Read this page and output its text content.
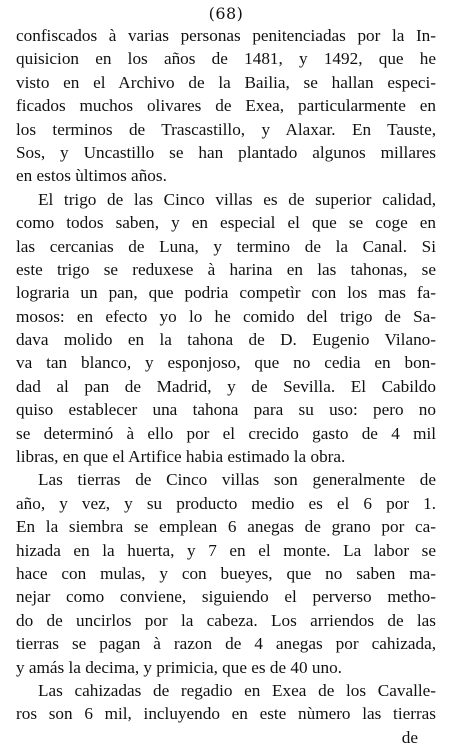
(68)
confiscados à varias personas penitenciadas por la In-
quisicion en los años de 1481, y 1492, que he
visto en el Archivo de la Bailia, se hallan especi-
ficados muchos olivares de Exea, particularmente en
los terminos de Trascastillo, y Alaxar. En Tauste,
Sos, y Uncastillo se han plantado algunos millares
en estos ùltimos años.
El trigo de las Cinco villas es de superior calidad,
como todos saben, y en especial el que se coge en
las cercanias de Luna, y termino de la Canal. Si
este trigo se reduxese à harina en las tahonas, se
lograria un pan, que podria competìr con los mas fa-
mosos: en efecto yo lo he comido del trigo de Sa-
dava molido en la tahona de D. Eugenio Vilano-
va tan blanco, y esponjoso, que no cedia en bon-
dad al pan de Madrid, y de Sevilla. El Cabildo
quiso establecer una tahona para su uso: pero no
se determinó à ello por el crecido gasto de 4 mil
libras, en que el Artifice habia estimado la obra.
Las tierras de Cinco villas son generalmente de
año, y vez, y su producto medio es el 6 por 1.
En la siembra se emplean 6 anegas de grano por ca-
hizada en la huerta, y 7 en el monte. La labor se
hace con mulas, y con bueyes, que no saben ma-
nejar como conviene, siguiendo el perverso metho-
do de uncirlos por la cabeza. Los arriendos de las
tierras se pagan à razon de 4 anegas por cahizada,
y amás la decima, y primicia, que es de 40 uno.
Las cahizadas de regadio en Exea de los Cavalle-
ros son 6 mil, incluyendo en este nùmero las tierras
de
